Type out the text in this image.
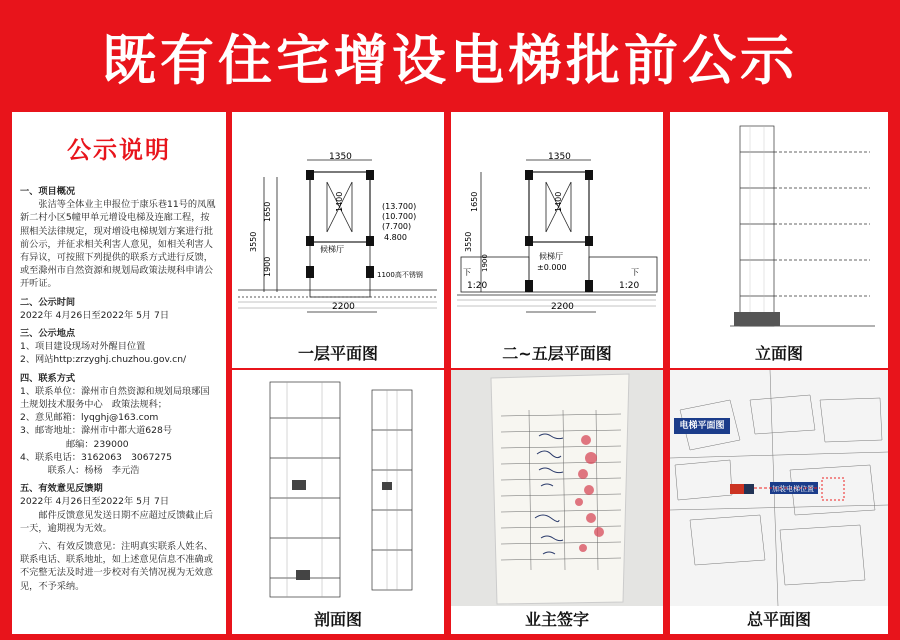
既有住宅增设电梯批前公示
公示说明
一、项目概况
张洁等全体业主申报位于康乐巷11号的凤凰新二村小区5幢甲单元增设电梯及连廊工程，按照相关法律规定，现对增设电梯规划方案进行批前公示，并征求相关利害人意见，如相关利害人有异议，可按照下列提供的联系方式进行反馈，或至滁州市自然资源和规划局政策法规科申请公开听证。
二、公示时间
2022年 4月26日至2022年 5月 7日
三、公示地点
1、项目建设现场对外醒目位置
2、网站http:zrzyghj.chuzhou.gov.cn/
四、联系方式
1、联系单位：滁州市自然资源和规划局琅琊国土规划技术服务中心　政策法规科；
2、意见邮箱：lyqghj@163.com
3、邮寄地址：滁州市中都大道628号
邮编：239000
4、联系电话：3162063　3067275
联系人：杨杨　李元浩
五、有效意见反馈期
2022年 4月26日至2022年 5月 7日
邮件反馈意见发送日期不应超过反馈截止后一天，逾期视为无效。
六、有效反馈意见：注明真实联系人姓名、联系电话、联系地址，如上述意见信息不准确或不完整无法及时进一步校对有关情况视为无效意见，不予采纳。
1350
3550
1650
1900
1400	(13.700)
(10.700)
(7.700)
4.800
候梯厅
1100高不锈钢
2200
一层平面图
1350
3550
1650
1900
1400
候梯厅
±0.000
下
1:20
下
1:20
2200
二~五层平面图	立面图
剖面图	业主签字
加装电梯位置
电梯平面图
总平面图
